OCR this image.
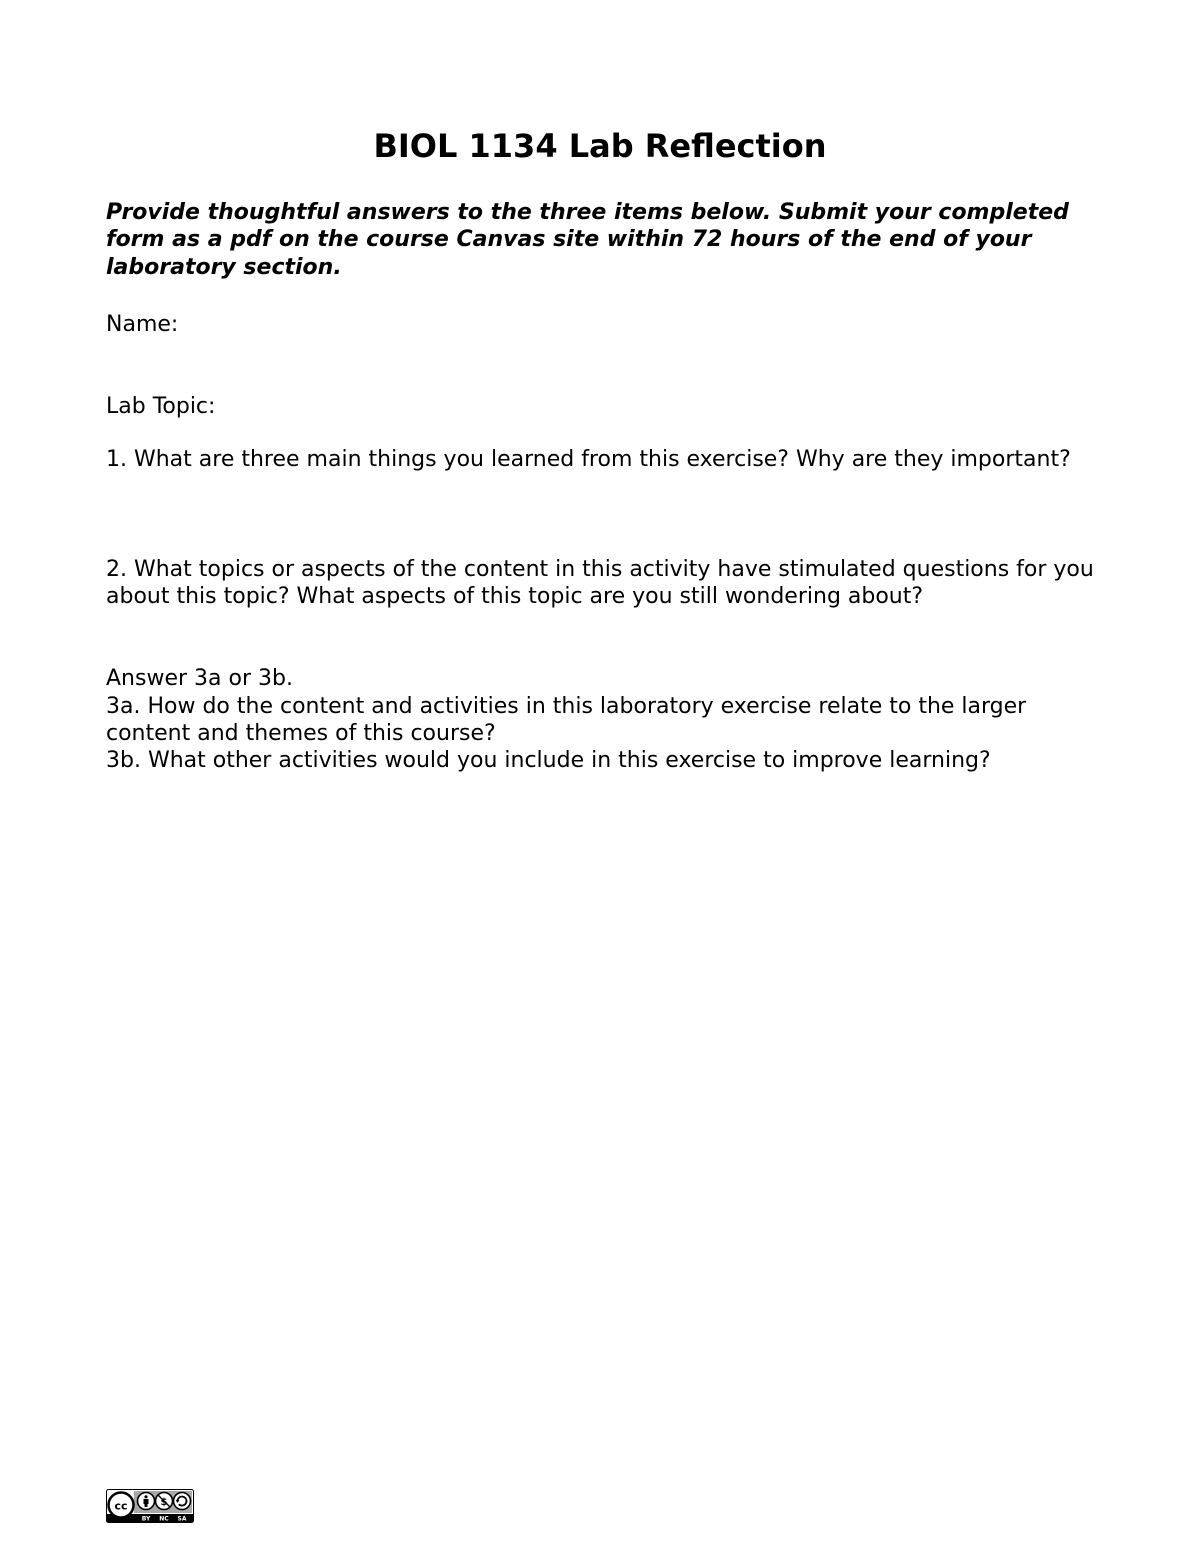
BIOL 1134 Lab Reflection

Provide thoughtful answers to the three items below. Submit your completed form as a pdf on the course Canvas site within 72 hours of the end of your laboratory section.

Name:

Lab Topic:

1. What are three main things you learned from this exercise? Why are they important?

2. What topics or aspects of the content in this activity have stimulated questions for you about this topic? What aspects of this topic are you still wondering about?

Answer 3a or 3b.

3a. How do the content and activities in this laboratory exercise relate to the larger content and themes of this course?

3b. What other activities would you include in this exercise to improve learning?

cc	$
BY NC SA
